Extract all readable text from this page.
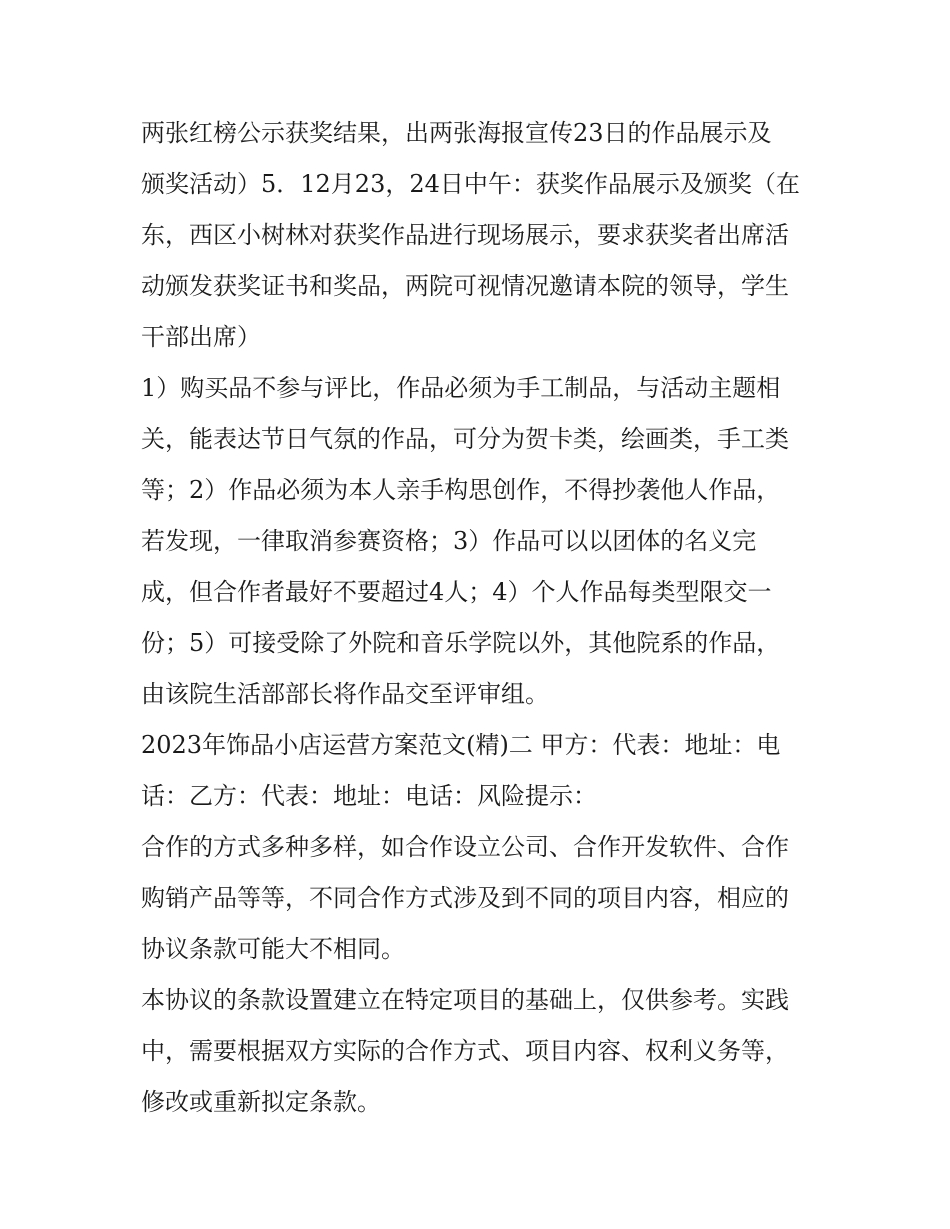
两张红榜公示获奖结果，出两张海报宣传23日的作品展示及
颁奖活动）5．12月23，24日中午：获奖作品展示及颁奖（在
东，西区小树林对获奖作品进行现场展示，要求获奖者出席活
动颁发获奖证书和奖品，两院可视情况邀请本院的领导，学生
干部出席）
1）购买品不参与评比，作品必须为手工制品，与活动主题相
关，能表达节日气氛的作品，可分为贺卡类，绘画类，手工类
等；2）作品必须为本人亲手构思创作，不得抄袭他人作品，
若发现，一律取消参赛资格；3）作品可以以团体的名义完
成，但合作者最好不要超过4人；4）个人作品每类型限交一
份；5）可接受除了外院和音乐学院以外，其他院系的作品，
由该院生活部部长将作品交至评审组。
2023年饰品小店运营方案范文(精)二 甲方：代表：地址：电
话：乙方：代表：地址：电话：风险提示：
合作的方式多种多样，如合作设立公司、合作开发软件、合作
购销产品等等，不同合作方式涉及到不同的项目内容，相应的
协议条款可能大不相同。
本协议的条款设置建立在特定项目的基础上，仅供参考。实践
中，需要根据双方实际的合作方式、项目内容、权利义务等，
修改或重新拟定条款。
